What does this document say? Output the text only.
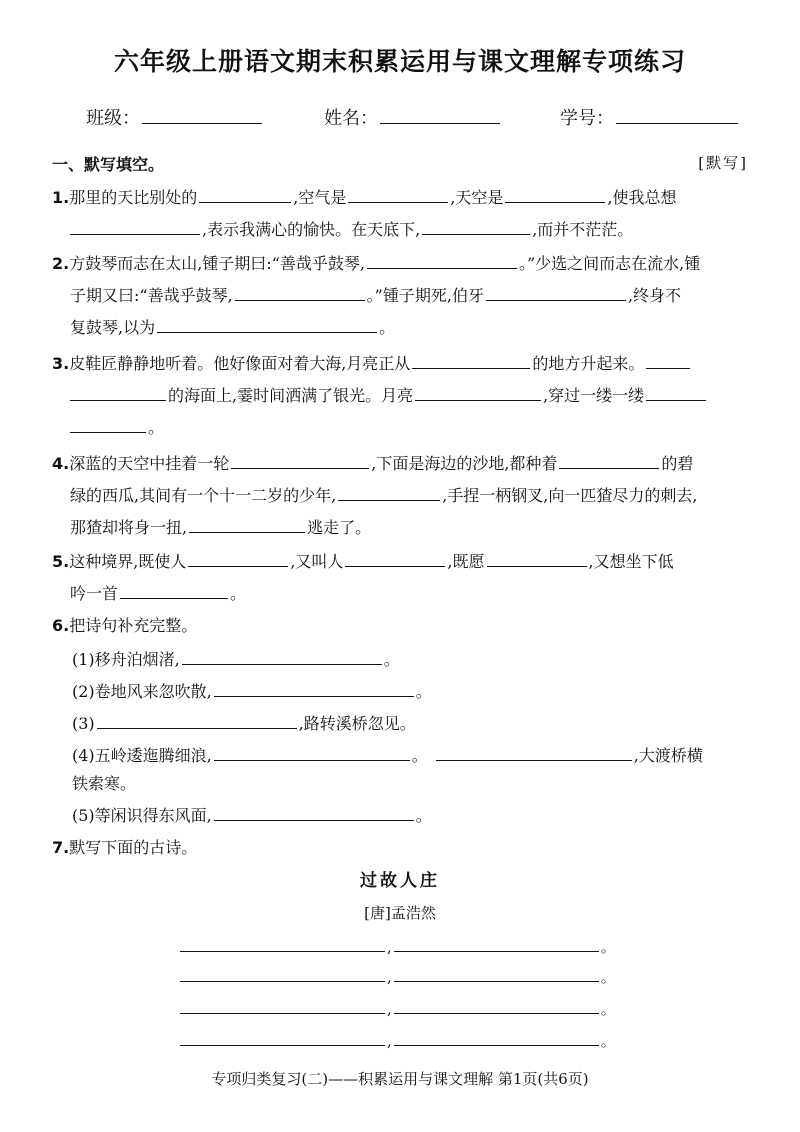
六年级上册语文期末积累运用与课文理解专项练习
班级：	姓名：	学号：
一、默写填空。	[默写]
1.那里的天比别处的	,空气是	,天空是	,使我总想
,表示我满心的愉快。在天底下,	,而并不茫茫。
2.方鼓琴而志在太山,锺子期曰:“善哉乎鼓琴,	。”少选之间而志在流水,锺
子期又曰:“善哉乎鼓琴,	。”锺子期死,伯牙	,终身不
复鼓琴,以为	。
3.皮鞋匠静静地听着。他好像面对着大海,月亮正从	的地方升起来。
的海面上,霎时间洒满了银光。月亮	,穿过一缕一缕
。
4.深蓝的天空中挂着一轮	,下面是海边的沙地,都种着	的碧
绿的西瓜,其间有一个十一二岁的少年,	,手捏一柄钢叉,向一匹猹尽力的刺去,
那猹却将身一扭,	逃走了。
5.这种境界,既使人	,又叫人	,既愿	,又想坐下低
吟一首	。
6.把诗句补充完整。
(1)移舟泊烟渚,	。
(2)卷地风来忽吹散,	。
(3)	,路转溪桥忽见。
(4)五岭逶迤腾细浪,	。	,大渡桥横
铁索寒。
(5)等闲识得东风面,	。
7.默写下面的古诗。
过故人庄
[唐]孟浩然
,	。
,	。
,	。
,	。
专项归类复习(二)——积累运用与课文理解 第1页(共6页)
